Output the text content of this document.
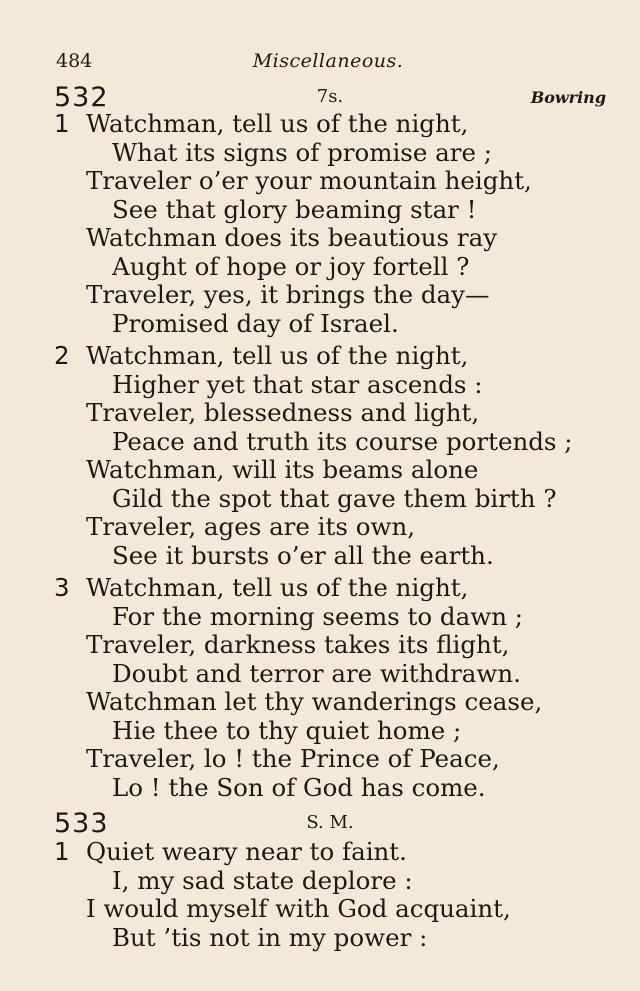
484	Miscellaneous.
532	7s.	Bowring
1 Watchman, tell us of the night,
What its signs of promise are ;
Traveler o’er your mountain height,
See that glory beaming star !
Watchman does its beautious ray
Aught of hope or joy fortell ?
Traveler, yes, it brings the day—
Promised day of Israel.
2 Watchman, tell us of the night,
Higher yet that star ascends :
Traveler, blessedness and light,
Peace and truth its course portends ;
Watchman, will its beams alone
Gild the spot that gave them birth ?
Traveler, ages are its own,
See it bursts o’er all the earth.
3 Watchman, tell us of the night,
For the morning seems to dawn ;
Traveler, darkness takes its flight,
Doubt and terror are withdrawn.
Watchman let thy wanderings cease,
Hie thee to thy quiet home ;
Traveler, lo ! the Prince of Peace,
Lo ! the Son of God has come.
533	S. M.
1 Quiet weary near to faint.
I, my sad state deplore :
I would myself with God acquaint,
But ’tis not in my power :
